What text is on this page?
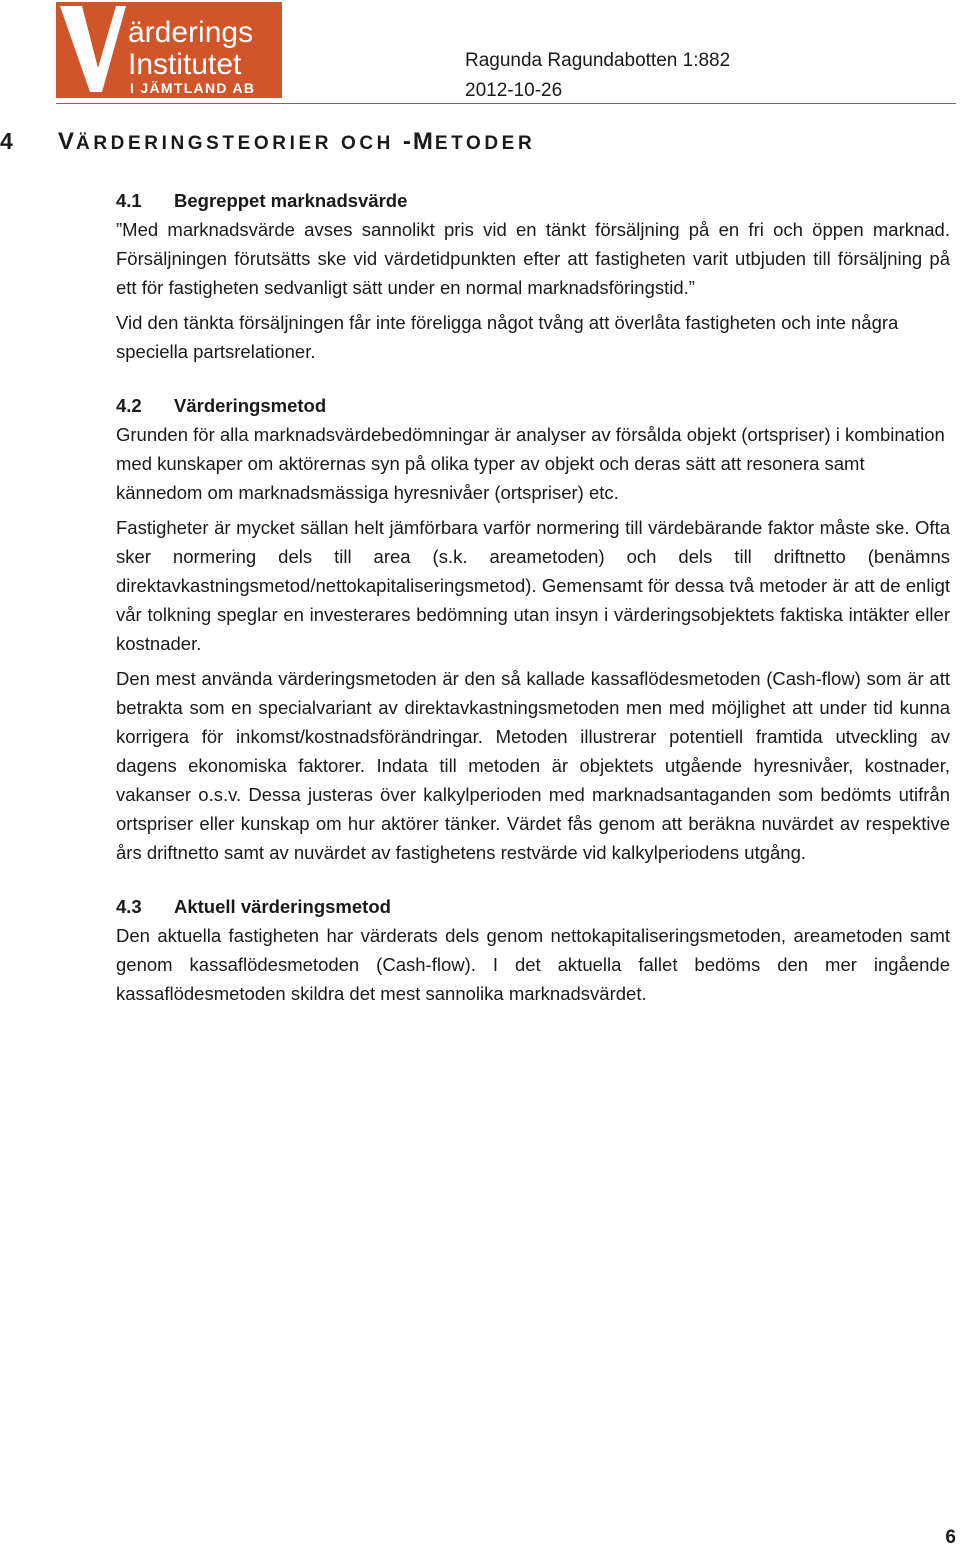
ärderings
Institutet
I JÄMTLAND AB
Ragunda Ragundabotten 1:882
2012-10-26
4 VÄRDERINGSTEORIER OCH -METODER
4.1 Begreppet marknadsvärde

”Med marknadsvärde avses sannolikt pris vid en tänkt försäljning på en fri och öppen marknad. Försäljningen förutsätts ske vid värdetidpunkten efter att fastigheten varit utbjuden till försäljning på ett för fastigheten sedvanligt sätt under en normal marknadsföringstid.”

Vid den tänkta försäljningen får inte föreligga något tvång att överlåta fastigheten och inte några speciella partsrelationer.

4.2 Värderingsmetod

Grunden för alla marknadsvärdebedömningar är analyser av försålda objekt (ortspriser) i kombination med kunskaper om aktörernas syn på olika typer av objekt och deras sätt att resonera samt kännedom om marknadsmässiga hyresnivåer (ortspriser) etc.

Fastigheter är mycket sällan helt jämförbara varför normering till värdebärande faktor måste ske. Ofta sker normering dels till area (s.k. areametoden) och dels till driftnetto (benämns direktavkastningsmetod/nettokapitaliseringsmetod). Gemensamt för dessa två metoder är att de enligt vår tolkning speglar en investerares bedömning utan insyn i värderingsobjektets faktiska intäkter eller kostnader.

Den mest använda värderingsmetoden är den så kallade kassaflödesmetoden (Cash-flow) som är att betrakta som en specialvariant av direktavkastningsmetoden men med möjlighet att under tid kunna korrigera för inkomst/kostnadsförändringar. Metoden illustrerar potentiell framtida utveckling av dagens ekonomiska faktorer. Indata till metoden är objektets utgående hyresnivåer, kostnader, vakanser o.s.v. Dessa justeras över kalkylperioden med marknadsantaganden som bedömts utifrån ortspriser eller kunskap om hur aktörer tänker. Värdet fås genom att beräkna nuvärdet av respektive års driftnetto samt av nuvärdet av fastighetens restvärde vid kalkylperiodens utgång.

4.3 Aktuell värderingsmetod

Den aktuella fastigheten har värderats dels genom nettokapitaliseringsmetoden, areametoden samt genom kassaflödesmetoden (Cash-flow). I det aktuella fallet bedöms den mer ingående kassaflödesmetoden skildra det mest sannolika marknadsvärdet.

6
